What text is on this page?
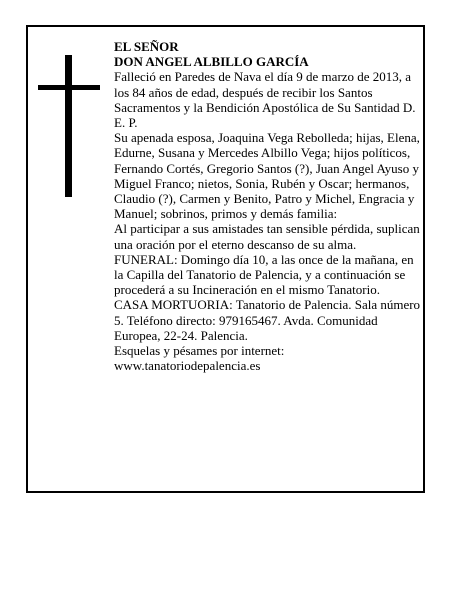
EL SEÑOR

DON ANGEL ALBILLO GARCÍA

Falleció en Paredes de Nava el día 9 de marzo de 2013, a los 84 años de edad, después de recibir los Santos Sacramentos y la Bendición Apostólica de Su Santidad D. E. P.

Su apenada esposa, Joaquina Vega Rebolleda; hijas, Elena, Edurne, Susana y Mercedes Albillo Vega; hijos políticos, Fernando Cortés, Gregorio Santos (?), Juan Angel Ayuso y Miguel Franco; nietos, Sonia, Rubén y Oscar; hermanos, Claudio (?), Carmen y Benito, Patro y Michel, Engracia y Manuel; sobrinos, primos y demás familia:

Al participar a sus amistades tan sensible pérdida, suplican una oración por el eterno descanso de su alma.

FUNERAL: Domingo día 10, a las once de la mañana, en la Capilla del Tanatorio de Palencia, y a continuación se procederá a su Incineración en el mismo Tanatorio.

CASA MORTUORIA: Tanatorio de Palencia. Sala número 5. Teléfono directo: 979165467. Avda. Comunidad Europea, 22-24. Palencia.

Esquelas y pésames por internet: www.tanatoriodepalencia.es
